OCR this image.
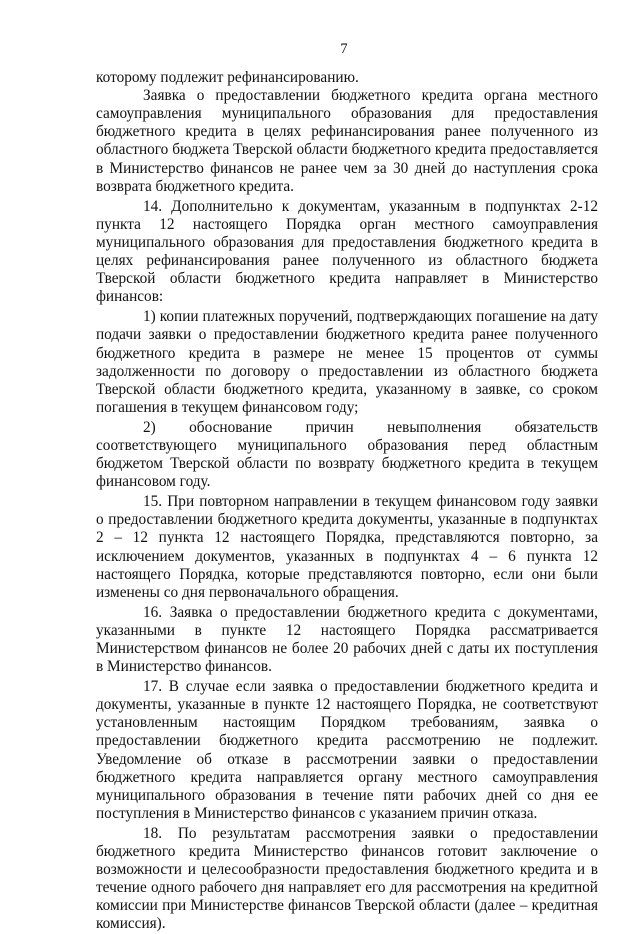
7

которому подлежит рефинансированию.

Заявка о предоставлении бюджетного кредита органа местного самоуправления муниципального образования для предоставления бюджетного кредита в целях рефинансирования ранее полученного из областного бюджета Тверской области бюджетного кредита предоставляется в Министерство финансов не ранее чем за 30 дней до наступления срока возврата бюджетного кредита.

14. Дополнительно к документам, указанным в подпунктах 2-12 пункта 12 настоящего Порядка орган местного самоуправления муниципального образования для предоставления бюджетного кредита в целях рефинансирования ранее полученного из областного бюджета Тверской области бюджетного кредита направляет в Министерство финансов:

1) копии платежных поручений, подтверждающих погашение на дату подачи заявки о предоставлении бюджетного кредита ранее полученного бюджетного кредита в размере не менее 15 процентов от суммы задолженности по договору о предоставлении из областного бюджета Тверской области бюджетного кредита, указанному в заявке, со сроком погашения в текущем финансовом году;

2) обоснование причин невыполнения обязательств соответствующего муниципального образования перед областным бюджетом Тверской области по возврату бюджетного кредита в текущем финансовом году.

15. При повторном направлении в текущем финансовом году заявки о предоставлении бюджетного кредита документы, указанные в подпунктах 2 – 12 пункта 12 настоящего Порядка, представляются повторно, за исключением документов, указанных в подпунктах 4 – 6 пункта 12 настоящего Порядка, которые представляются повторно, если они были изменены со дня первоначального обращения.

16. Заявка о предоставлении бюджетного кредита с документами, указанными в пункте 12 настоящего Порядка рассматривается Министерством финансов не более 20 рабочих дней с даты их поступления в Министерство финансов.

17. В случае если заявка о предоставлении бюджетного кредита и документы, указанные в пункте 12 настоящего Порядка, не соответствуют установленным настоящим Порядком требованиям, заявка о предоставлении бюджетного кредита рассмотрению не подлежит. Уведомление об отказе в рассмотрении заявки о предоставлении бюджетного кредита направляется органу местного самоуправления муниципального образования в течение пяти рабочих дней со дня ее поступления в Министерство финансов с указанием причин отказа.

18. По результатам рассмотрения заявки о предоставлении бюджетного кредита Министерство финансов готовит заключение о возможности и целесообразности предоставления бюджетного кредита и в течение одного рабочего дня направляет его для рассмотрения на кредитной комиссии при Министерстве финансов Тверской области (далее – кредитная комиссия).
